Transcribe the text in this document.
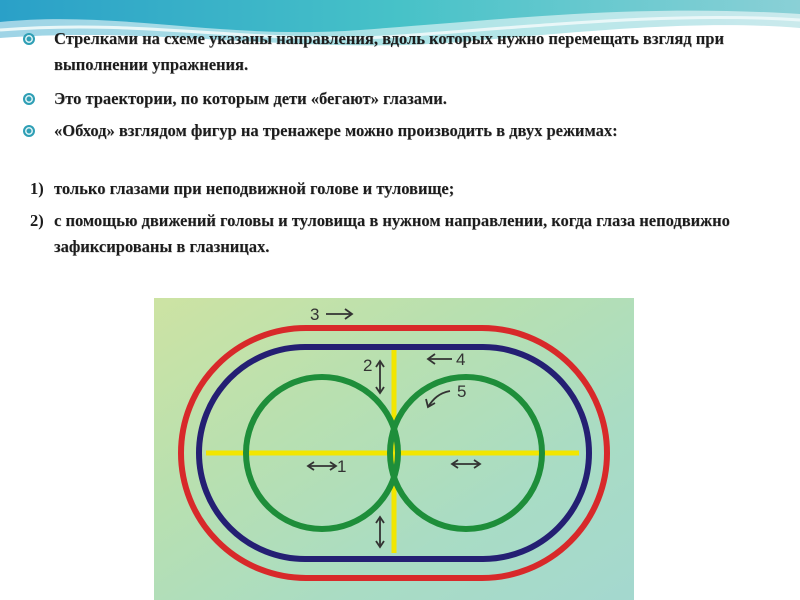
Стрелками на схеме указаны направления, вдоль которых нужно перемещать взгляд при выполнении упражнения.
Это траектории, по которым дети «бегают» глазами.
«Обход» взглядом фигур на тренажере можно производить в двух режимах:
1) только глазами при неподвижной голове и туловище;
2) с помощью движений головы и туловища в нужном направлении, когда глаза неподвижно зафиксированы в глазницах.
3
2	4
5
1
